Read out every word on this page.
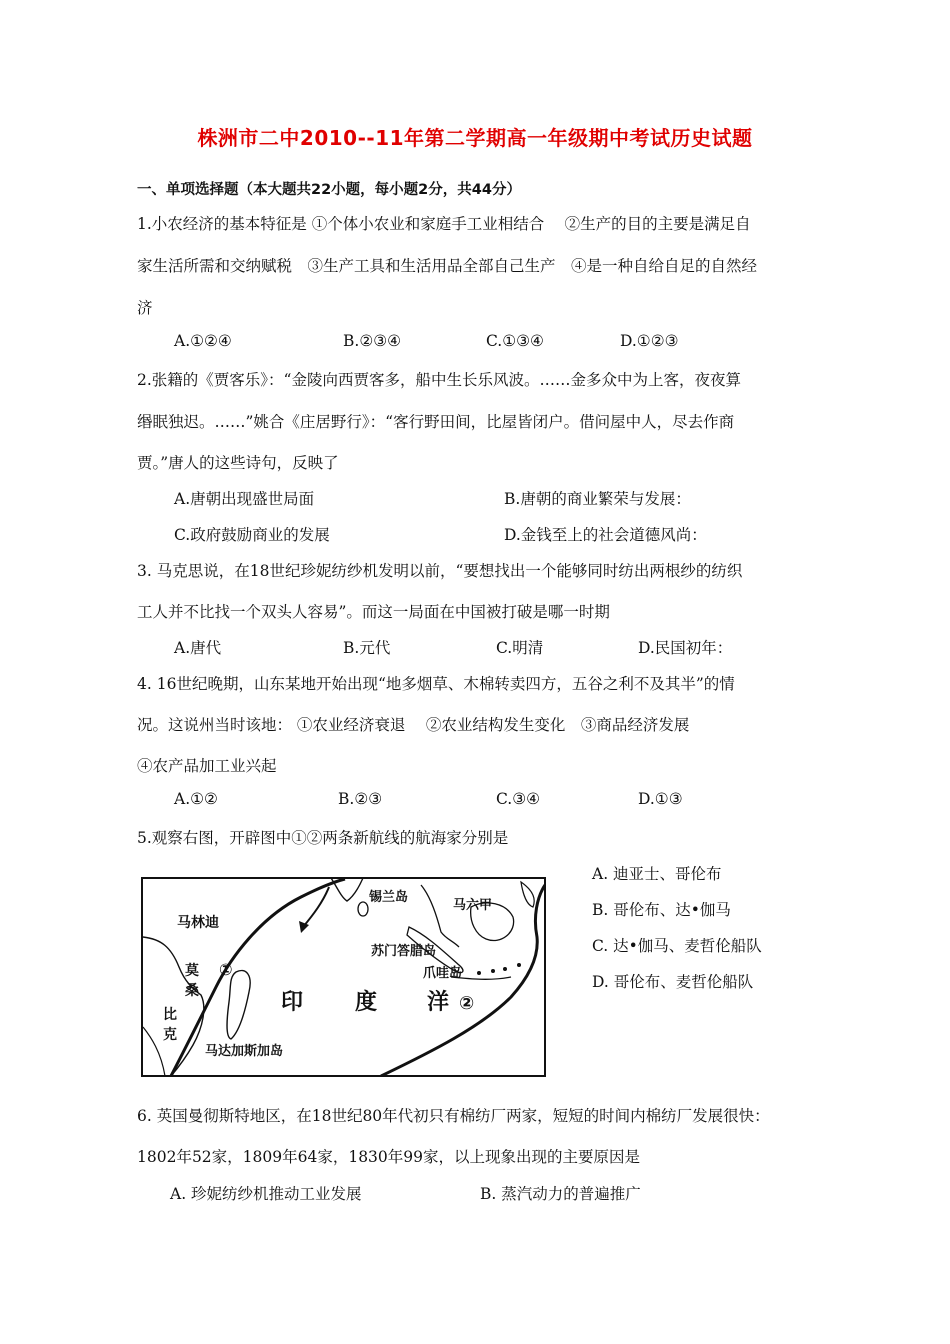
株洲市二中2010--11年第二学期高一年级期中考试历史试题
一、单项选择题（本大题共22小题，每小题2分，共44分）
1.小农经济的基本特征是 ①个体小农业和家庭手工业相结合　 ②生产的目的主要是满足自
家生活所需和交纳赋税　③生产工具和生活用品全部自己生产　④是一种自给自足的自然经
济
A.①②④	B.②③④	C.①③④	D.①②③
2.张籍的《贾客乐》：“金陵向西贾客多，船中生长乐风波。……金多众中为上客，夜夜算
缗眠独迟。……”姚合《庄居野行》：“客行野田间，比屋皆闭户。借问屋中人，尽去作商
贾。”唐人的这些诗句，反映了
A.唐朝出现盛世局面	B.唐朝的商业繁荣与发展：
C.政府鼓励商业的发展	D.金钱至上的社会道德风尚：
3. 马克思说，在18世纪珍妮纺纱机发明以前，“要想找出一个能够同时纺出两根纱的纺织
工人并不比找一个双头人容易”。而这一局面在中国被打破是哪一时期
A.唐代	B.元代	C.明清	D.民国初年：
4. 16世纪晚期，山东某地开始出现“地多烟草、木棉转卖四方，五谷之利不及其半”的情
况。这说州当时该地： ①农业经济衰退　 ②农业结构发生变化　③商品经济发展
④农产品加工业兴起
A.①②	B.②③	C.③④	D.①③
5.观察右图，开辟图中①②两条新航线的航海家分别是
A. 迪亚士、哥伦布
B. 哥伦布、达•伽马
C. 达•伽马、麦哲伦船队
D. 哥伦布、麦哲伦船队
锡兰岛
马六甲
马林迪
苏门答腊岛
爪哇岛
莫
桑
①
印 度 洋 ②
比
克
马达加斯加岛
6. 英国曼彻斯特地区，在18世纪80年代初只有棉纺厂两家，短短的时间内棉纺厂发展很快：
1802年52家，1809年64家，1830年99家，以上现象出现的主要原因是
A. 珍妮纺纱机推动工业发展	B. 蒸汽动力的普遍推广
